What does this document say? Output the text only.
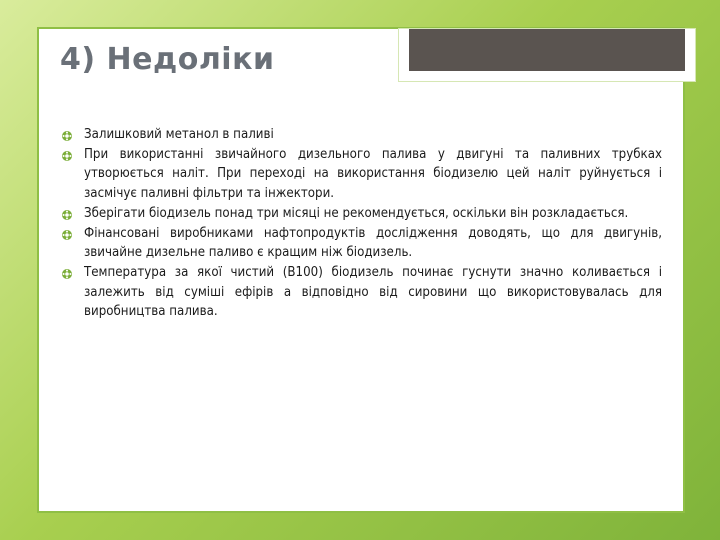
4) Недоліки
Залишковий метанол в паливі
При використанні звичайного дизельного палива у двигуні та паливних трубках утворюється наліт. При переході на використання біодизелю цей наліт руйнується і засмічує паливні фільтри та інжектори.
Зберігати біодизель понад три місяці не рекомендується, оскільки він розкладається.
Фінансовані виробниками нафтопродуктів дослідження доводять, що для двигунів, звичайне дизельне паливо є кращим ніж біодизель.
Температура за якої чистий (B100) біодизель починає гуснути значно коливається і залежить від суміші ефірів а відповідно від сировини що використовувалась для виробництва палива.
